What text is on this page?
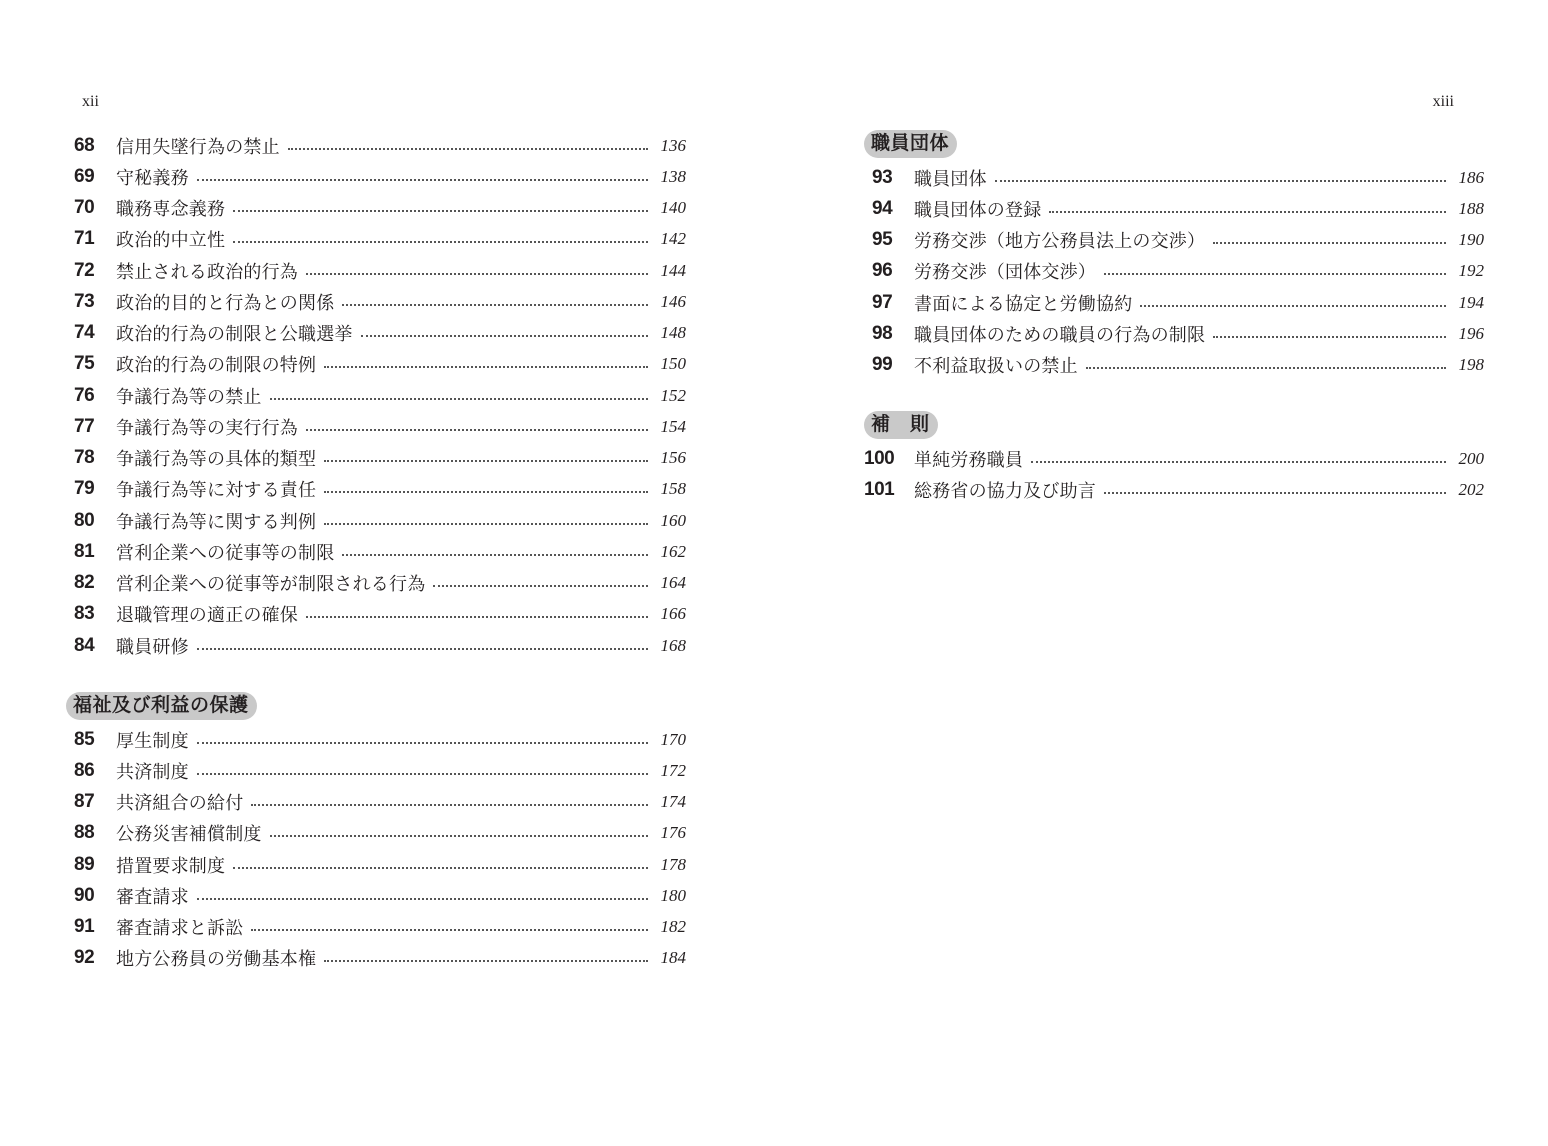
xii
68	信用失墜行為の禁止	136
69	守秘義務	138
70	職務専念義務	140
71	政治的中立性	142
72	禁止される政治的行為	144
73	政治的目的と行為との関係	146
74	政治的行為の制限と公職選挙	148
75	政治的行為の制限の特例	150
76	争議行為等の禁止	152
77	争議行為等の実行行為	154
78	争議行為等の具体的類型	156
79	争議行為等に対する責任	158
80	争議行為等に関する判例	160
81	営利企業への従事等の制限	162
82	営利企業への従事等が制限される行為	164
83	退職管理の適正の確保	166
84	職員研修	168
福祉及び利益の保護
85	厚生制度	170
86	共済制度	172
87	共済組合の給付	174
88	公務災害補償制度	176
89	措置要求制度	178
90	審査請求	180
91	審査請求と訴訟	182
92	地方公務員の労働基本権	184
xiii
職員団体
93	職員団体	186
94	職員団体の登録	188
95	労務交渉（地方公務員法上の交渉）	190
96	労務交渉（団体交渉）	192
97	書面による協定と労働協約	194
98	職員団体のための職員の行為の制限	196
99	不利益取扱いの禁止	198
補　則
100	単純労務職員	200
101	総務省の協力及び助言	202
